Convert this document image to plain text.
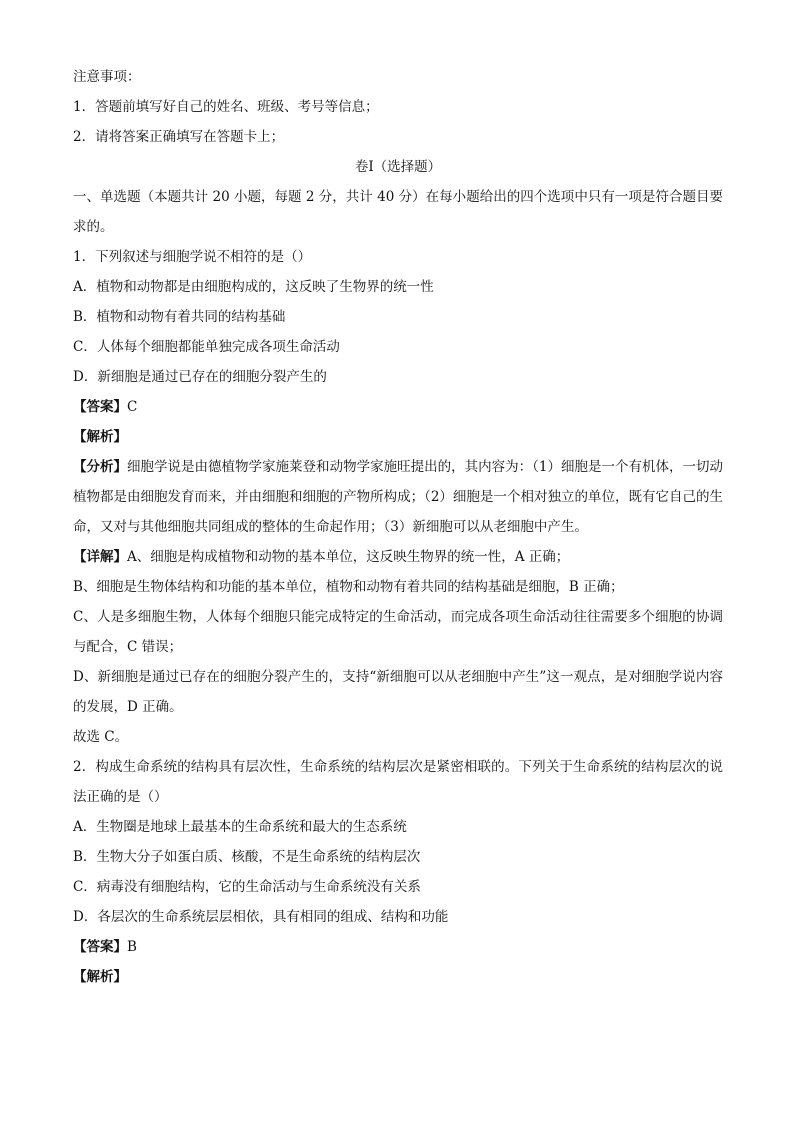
注意事项：
1．答题前填写好自己的姓名、班级、考号等信息；
2．请将答案正确填写在答题卡上；
卷I（选择题）
一、单选题（本题共计 20 小题，每题 2 分，共计 40 分）在每小题给出的四个选项中只有一项是符合题目要求的。
1．下列叙述与细胞学说不相符的是（）
A．植物和动物都是由细胞构成的，这反映了生物界的统一性
B．植物和动物有着共同的结构基础
C．人体每个细胞都能单独完成各项生命活动
D．新细胞是通过已存在的细胞分裂产生的
【答案】C
【解析】
【分析】细胞学说是由德植物学家施莱登和动物学家施旺提出的，其内容为：（1）细胞是一个有机体，一切动植物都是由细胞发育而来，并由细胞和细胞的产物所构成；（2）细胞是一个相对独立的单位，既有它自己的生命，又对与其他细胞共同组成的整体的生命起作用；（3）新细胞可以从老细胞中产生。
【详解】A、细胞是构成植物和动物的基本单位，这反映生物界的统一性，A 正确；
B、细胞是生物体结构和功能的基本单位，植物和动物有着共同的结构基础是细胞，B 正确；
C、人是多细胞生物，人体每个细胞只能完成特定的生命活动，而完成各项生命活动往往需要多个细胞的协调与配合，C 错误；
D、新细胞是通过已存在的细胞分裂产生的，支持“新细胞可以从老细胞中产生”这一观点，是对细胞学说内容的发展，D 正确。
故选 C。
2．构成生命系统的结构具有层次性，生命系统的结构层次是紧密相联的。下列关于生命系统的结构层次的说法正确的是（）
A．生物圈是地球上最基本的生命系统和最大的生态系统
B．生物大分子如蛋白质、核酸，不是生命系统的结构层次
C．病毒没有细胞结构，它的生命活动与生命系统没有关系
D．各层次的生命系统层层相依，具有相同的组成、结构和功能
【答案】B
【解析】
